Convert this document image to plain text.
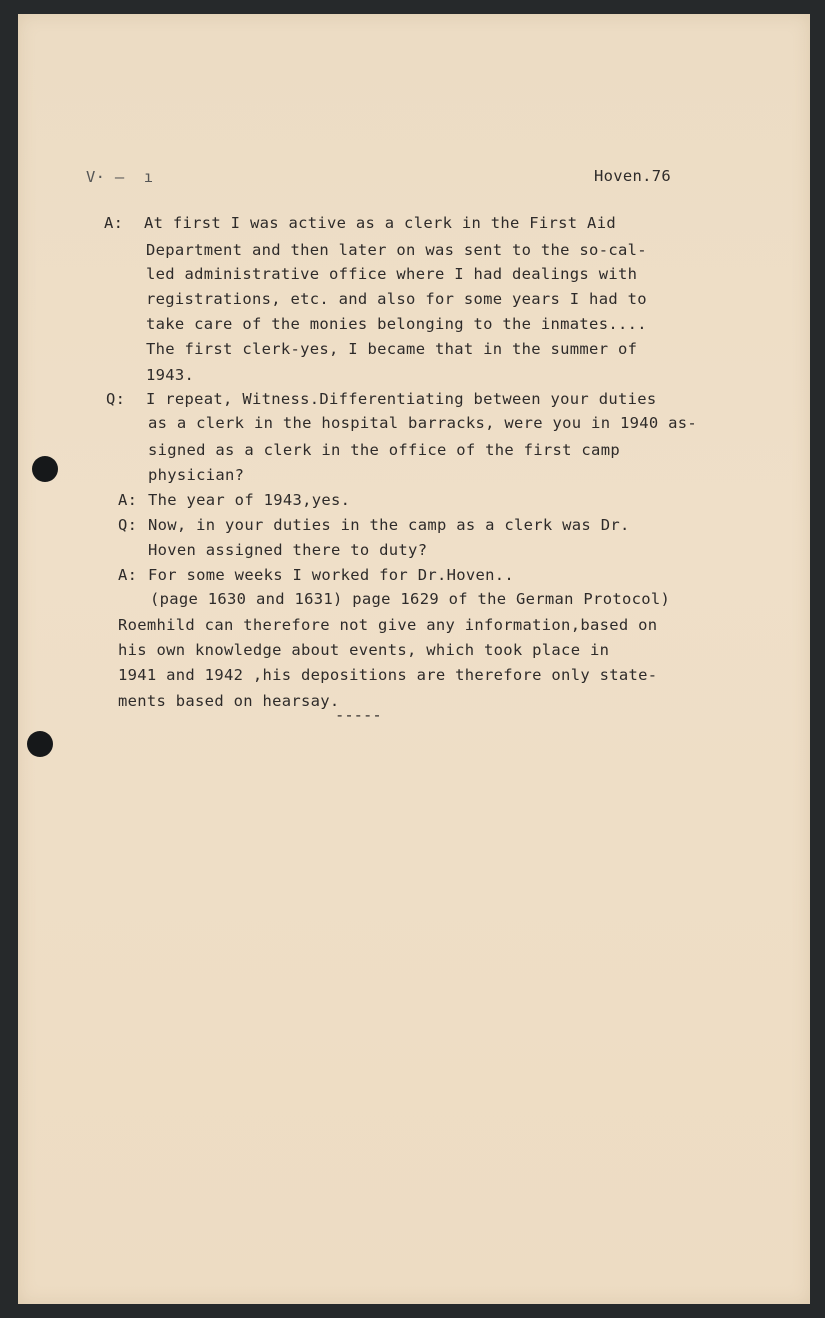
V· —  ı	Hoven.76
A: At first I was active as a clerk in the First Aid
Department and then later on was sent to the so-cal-
led administrative office where I had dealings with
registrations, etc. and also for some years I had to
take care of the monies belonging to the inmates....
The first clerk-yes, I became that in the summer of
1943.
Q: I repeat, Witness.Differentiating between your duties
as a clerk in the hospital barracks, were you in 1940 as-
signed as a clerk in the office of the first camp
physician?
A: The year of 1943,yes.
Q: Now, in your duties in the camp as a clerk was Dr.
Hoven assigned there to duty?
A: For some weeks I worked for Dr.Hoven..
(page 1630 and 1631) page 1629 of the German Protocol)
Roemhild can therefore not give any information,based on
his own knowledge about events, which took place in
1941 and 1942 ,his depositions are therefore only state-
ments based on hearsay.
-----
